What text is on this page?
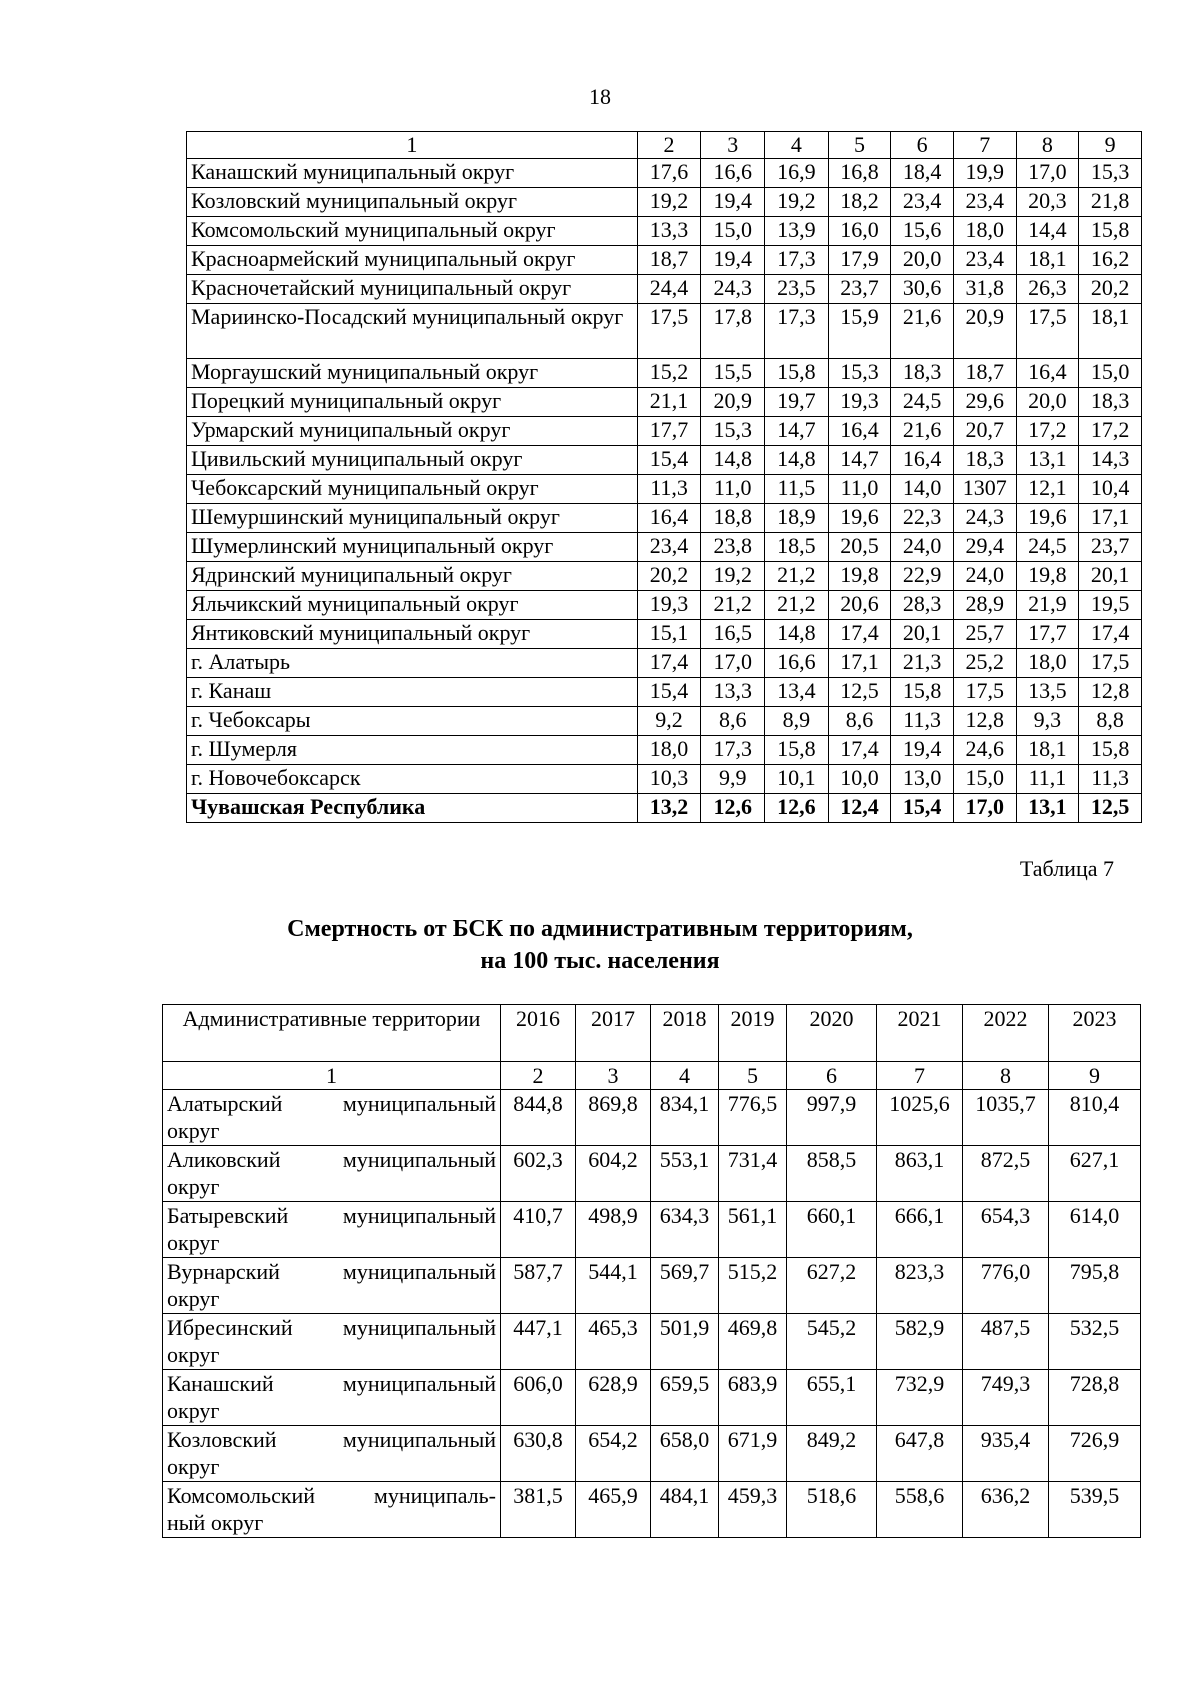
18
1	2	3	4	5	6	7	8	9
Канашский муниципальный округ	17,6	16,6	16,9	16,8	18,4	19,9	17,0	15,3
Козловский муниципальный округ	19,2	19,4	19,2	18,2	23,4	23,4	20,3	21,8
Комсомольский муниципальный округ	13,3	15,0	13,9	16,0	15,6	18,0	14,4	15,8
Красноармейский муниципальный округ	18,7	19,4	17,3	17,9	20,0	23,4	18,1	16,2
Красночетайский муниципальный округ	24,4	24,3	23,5	23,7	30,6	31,8	26,3	20,2
Мариинско-Посадский муниципальный округ	17,5	17,8	17,3	15,9	21,6	20,9	17,5	18,1
Моргаушский муниципальный округ	15,2	15,5	15,8	15,3	18,3	18,7	16,4	15,0
Порецкий муниципальный округ	21,1	20,9	19,7	19,3	24,5	29,6	20,0	18,3
Урмарский муниципальный округ	17,7	15,3	14,7	16,4	21,6	20,7	17,2	17,2
Цивильский муниципальный округ	15,4	14,8	14,8	14,7	16,4	18,3	13,1	14,3
Чебоксарский муниципальный округ	11,3	11,0	11,5	11,0	14,0	1307	12,1	10,4
Шемуршинский муниципальный округ	16,4	18,8	18,9	19,6	22,3	24,3	19,6	17,1
Шумерлинский муниципальный округ	23,4	23,8	18,5	20,5	24,0	29,4	24,5	23,7
Ядринский муниципальный округ	20,2	19,2	21,2	19,8	22,9	24,0	19,8	20,1
Яльчикский муниципальный округ	19,3	21,2	21,2	20,6	28,3	28,9	21,9	19,5
Янтиковский муниципальный округ	15,1	16,5	14,8	17,4	20,1	25,7	17,7	17,4
г. Алатырь	17,4	17,0	16,6	17,1	21,3	25,2	18,0	17,5
г. Канаш	15,4	13,3	13,4	12,5	15,8	17,5	13,5	12,8
г. Чебоксары	9,2	8,6	8,9	8,6	11,3	12,8	9,3	8,8
г. Шумерля	18,0	17,3	15,8	17,4	19,4	24,6	18,1	15,8
г. Новочебоксарск	10,3	9,9	10,1	10,0	13,0	15,0	11,1	11,3
Чувашская Республика	13,2	12,6	12,6	12,4	15,4	17,0	13,1	12,5
Таблица 7
Смертность от БСК по административным территориям,
на 100 тыс. населения
Административные территории	2016	2017	2018	2019	2020	2021	2022	2023
1	2	3	4	5	6	7	8	9

Алатырский муниципальный
округ	844,8	869,8	834,1	776,5	997,9	1025,6	1035,7	810,4

Аликовский муниципальный
округ	602,3	604,2	553,1	731,4	858,5	863,1	872,5	627,1

Батыревский муниципальный
округ	410,7	498,9	634,3	561,1	660,1	666,1	654,3	614,0

Вурнарский муниципальный
округ	587,7	544,1	569,7	515,2	627,2	823,3	776,0	795,8

Ибресинский муниципальный
округ	447,1	465,3	501,9	469,8	545,2	582,9	487,5	532,5

Канашский муниципальный
округ	606,0	628,9	659,5	683,9	655,1	732,9	749,3	728,8

Козловский муниципальный
округ	630,8	654,2	658,0	671,9	849,2	647,8	935,4	726,9

Комсомольский муниципаль-
ный округ	381,5	465,9	484,1	459,3	518,6	558,6	636,2	539,5
